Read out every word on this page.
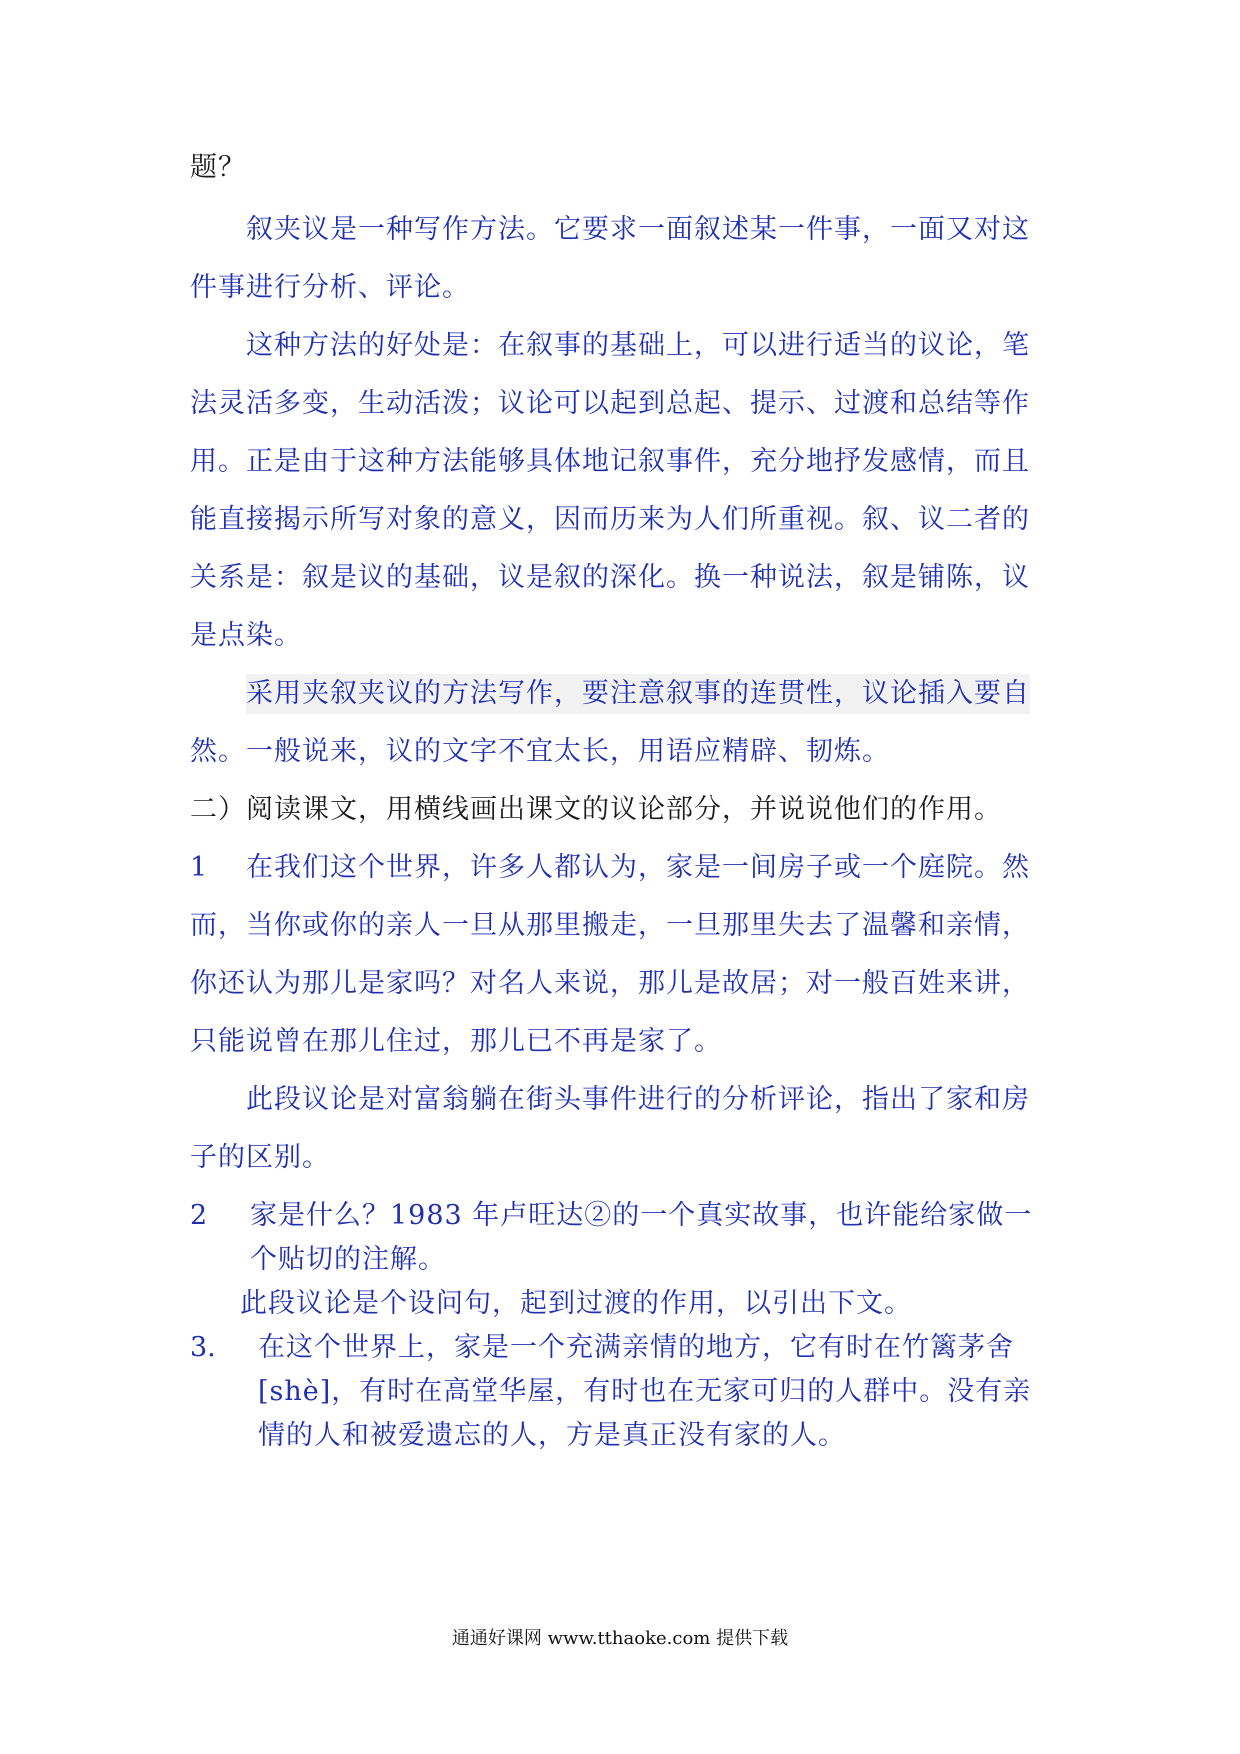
题？
叙夹议是一种写作方法。它要求一面叙述某一件事，一面又对这
件事进行分析、评论。
这种方法的好处是：在叙事的基础上，可以进行适当的议论，笔
法灵活多变，生动活泼；议论可以起到总起、提示、过渡和总结等作
用。正是由于这种方法能够具体地记叙事件，充分地抒发感情，而且
能直接揭示所写对象的意义，因而历来为人们所重视。叙、议二者的
关系是：叙是议的基础，议是叙的深化。换一种说法，叙是铺陈，议
是点染。
采用夹叙夹议的方法写作，要注意叙事的连贯性，议论插入要自
然。一般说来，议的文字不宜太长，用语应精辟、韧炼。
二）阅读课文，用横线画出课文的议论部分，并说说他们的作用。
1 在我们这个世界，许多人都认为，家是一间房子或一个庭院。然
而，当你或你的亲人一旦从那里搬走，一旦那里失去了温馨和亲情，
你还认为那儿是家吗？对名人来说，那儿是故居；对一般百姓来讲，
只能说曾在那儿住过，那儿已不再是家了。
此段议论是对富翁躺在街头事件进行的分析评论，指出了家和房
子的区别。
2 家是什么？1983 年卢旺达②的一个真实故事，也许能给家做一
个贴切的注解。
此段议论是个设问句，起到过渡的作用，以引出下文。
3. 在这个世界上，家是一个充满亲情的地方，它有时在竹篱茅舍
[shè]，有时在高堂华屋，有时也在无家可归的人群中。没有亲
情的人和被爱遗忘的人，方是真正没有家的人。
通通好课网 www.tthaoke.com 提供下载
